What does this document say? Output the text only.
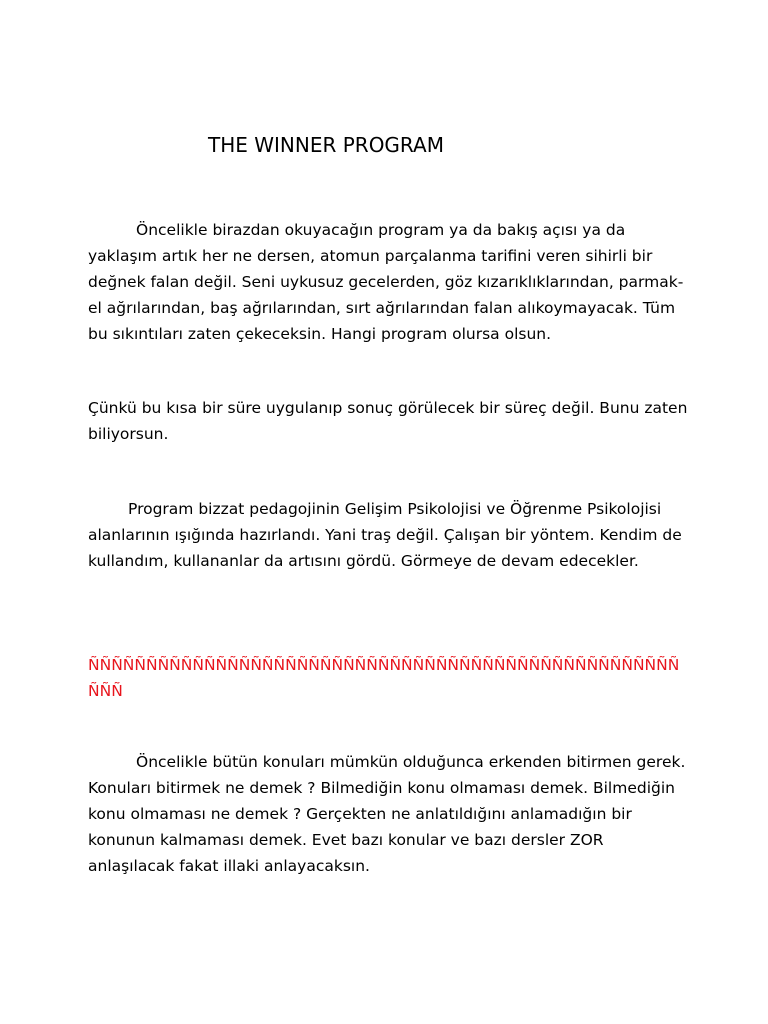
THE WINNER PROGRAM

Öncelikle birazdan okuyacağın program ya da bakış açısı ya da yaklaşım artık her ne dersen, atomun parçalanma tarifini veren sihirli bir değnek falan değil. Seni uykusuz gecelerden, göz kızarıklıklarından, parmak-el ağrılarından, baş ağrılarından, sırt ağrılarından falan alıkoymayacak. Tüm bu sıkıntıları zaten çekeceksin. Hangi program olursa olsun.

Çünkü bu kısa bir süre uygulanıp sonuç görülecek bir süreç değil. Bunu zaten biliyorsun.

Program bizzat pedagojinin Gelişim Psikolojisi ve Öğrenme Psikolojisi alanlarının ışığında hazırlandı. Yani traş değil. Çalışan bir yöntem. Kendim de kullandım, kullananlar da artısını gördü. Görmeye de devam edecekler.

ÑÑÑÑÑÑÑÑÑÑÑÑÑÑÑÑÑÑÑÑÑÑÑÑÑÑÑÑÑÑÑÑÑÑÑÑÑÑÑÑÑÑÑÑÑÑÑÑÑÑÑÑÑÑ

Öncelikle bütün konuları mümkün olduğunca erkenden bitirmen gerek. Konuları bitirmek ne demek ? Bilmediğin konu olmaması demek. Bilmediğin konu olmaması ne demek ? Gerçekten ne anlatıldığını anlamadığın bir konunun kalmaması demek. Evet bazı konular ve bazı dersler ZOR anlaşılacak fakat illaki anlayacaksın.
